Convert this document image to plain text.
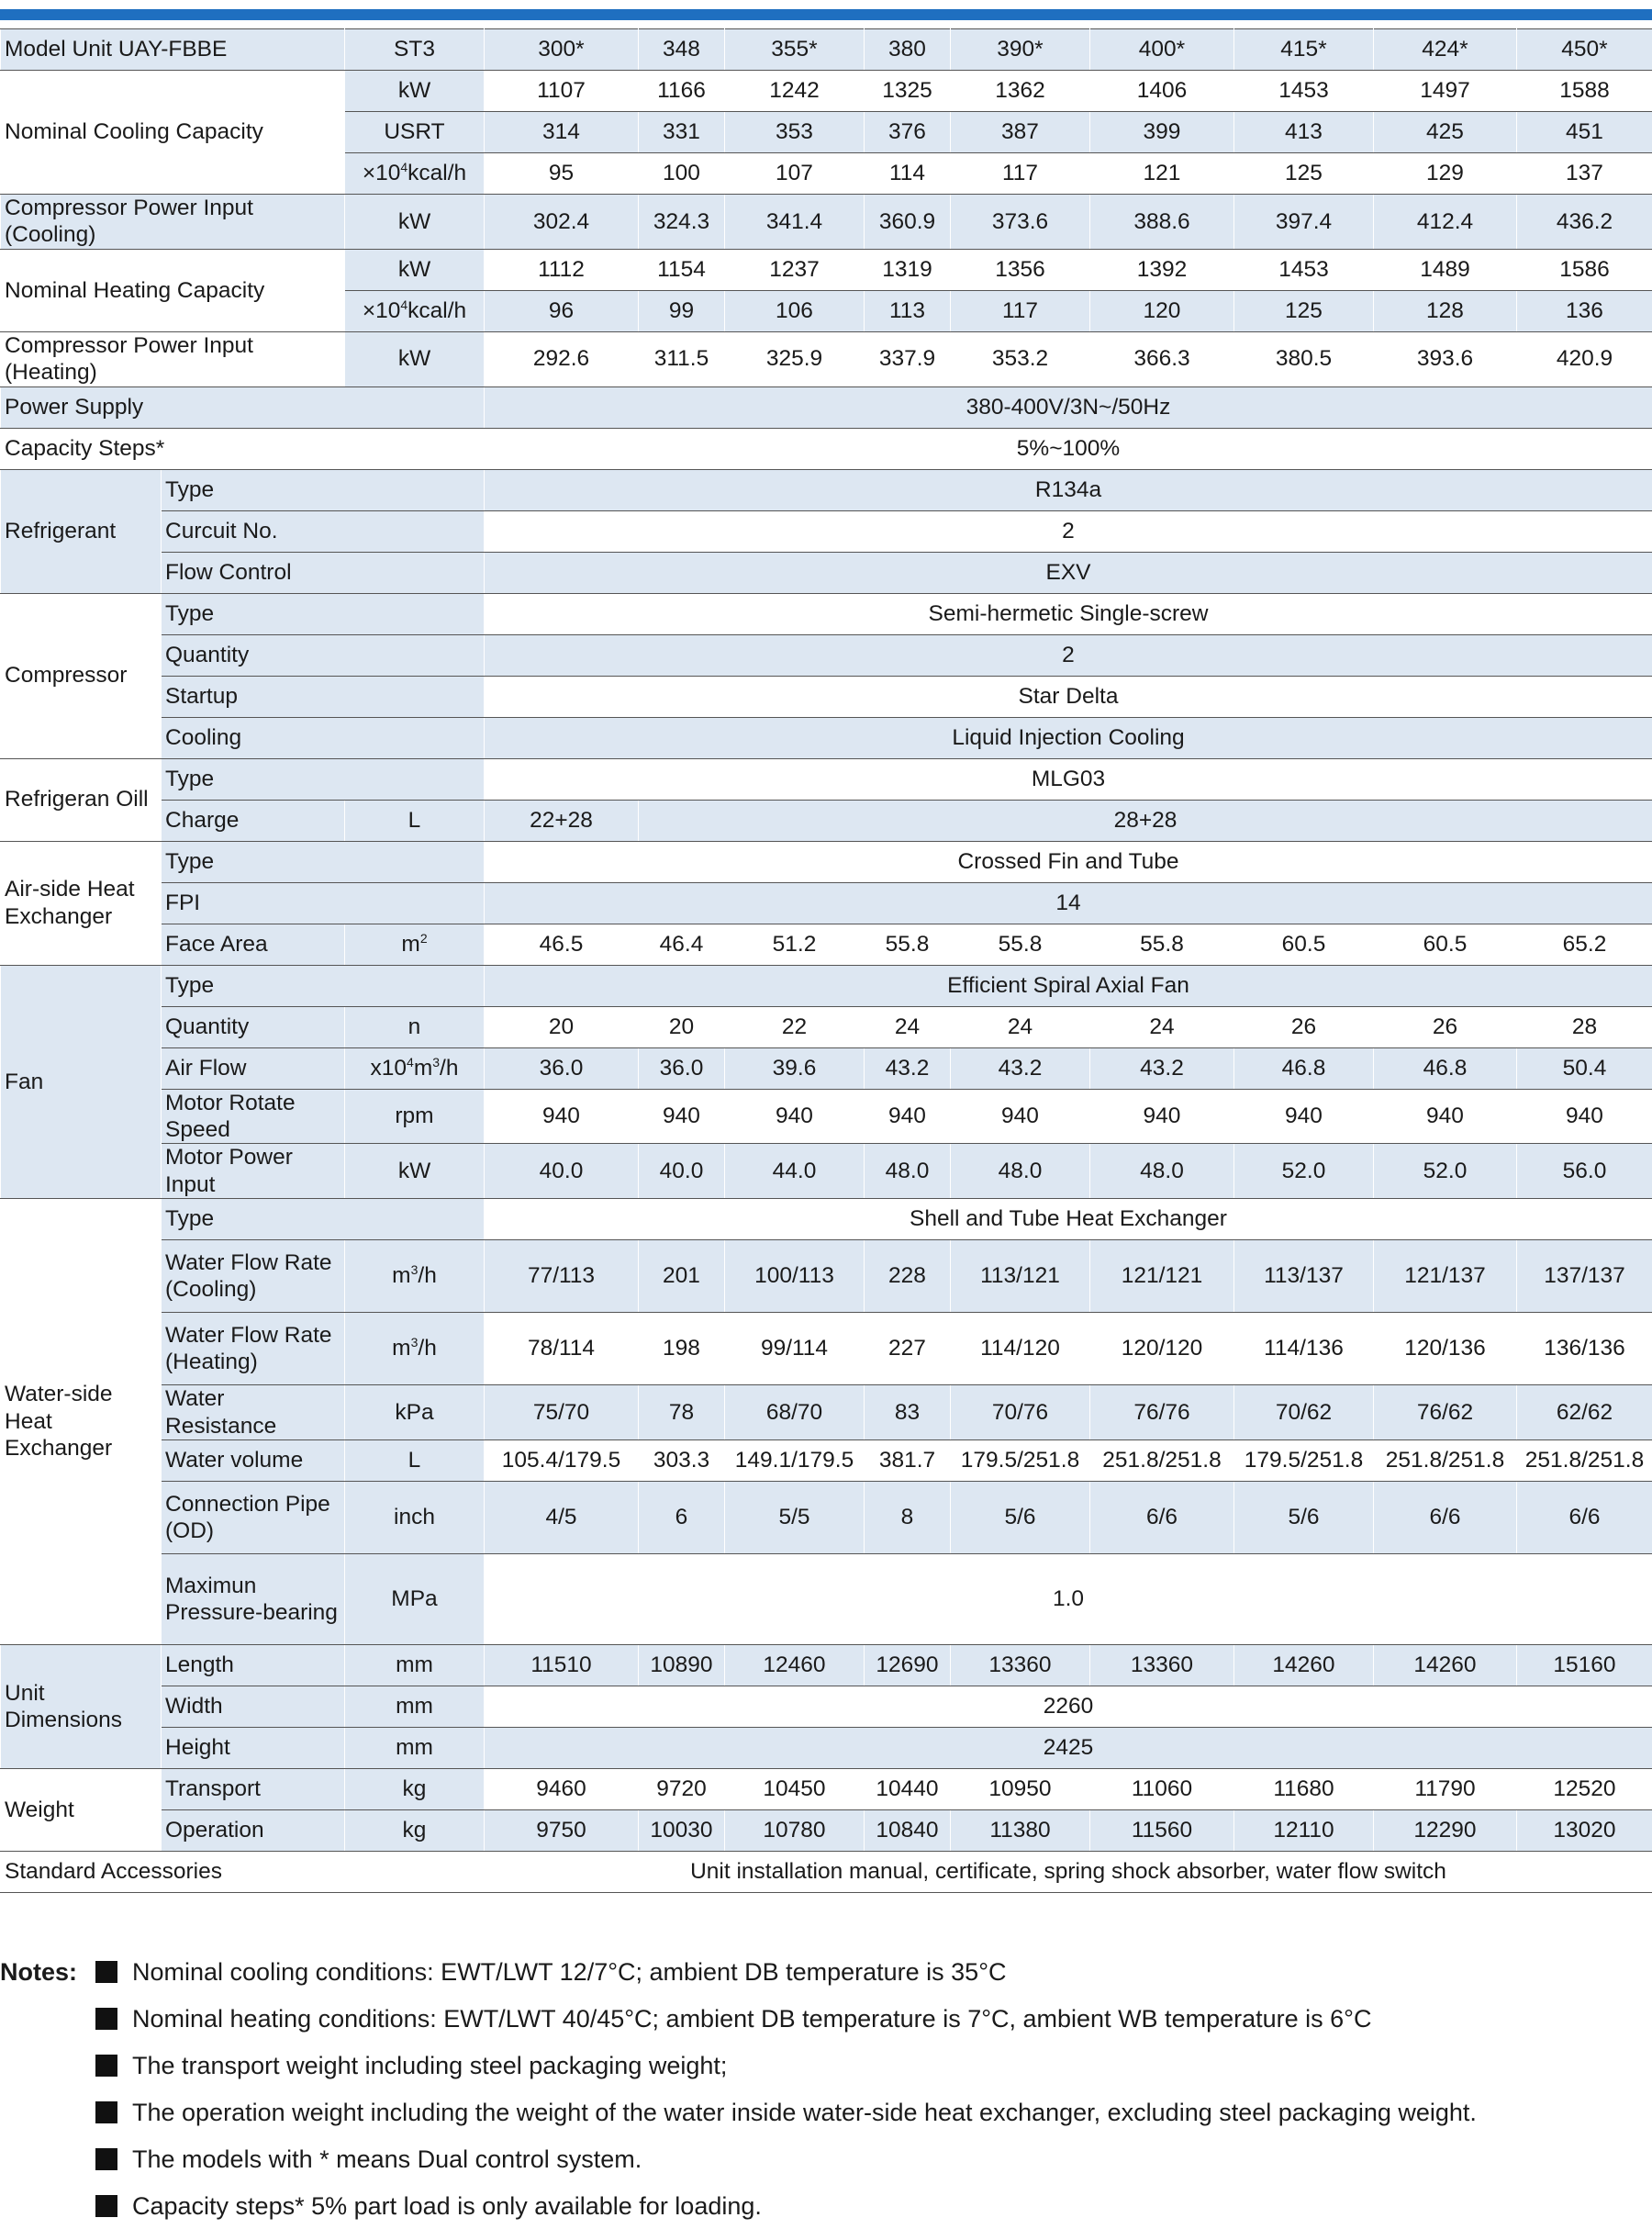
Model Unit UAY-FBBE		ST3	300*	348	355*	380	390*	400*	415*	424*	450*
Nominal Cooling Capacity		kW	1107	1166	1242	1325	1362	1406	1453	1497	1588
		USRT	314	331	353	376	387	399	413	425	451
		$\times 10^4kcal/h$	95	100	107	114	117	121	125	129	137
Compressor Power Input (Cooling)		kW	302.4	324.3	341.4	360.9	373.6	388.6	397.4	412.4	436.2
Nominal Heating Capacity		kW	1112	1154	1237	1319	1356	1392	1453	1489	1586
		$\times 10^4kcal/h$	96	99	106	113	117	120	125	128	136
Compressor Power Input (Heating)		kW	292.6	311.5	325.9	337.9	353.2	366.3	380.5	393.6	420.9
Power Supply			380-400V/3N~/50Hz								
Capacity Steps*			5%~100%								
Refrigerant	Type		R134a								
	Curcuit No.		2								
	Flow Control		EXV								
Compressor	Type		Semi-hermetic Single-screw								
	Quantity		2								
	Startup		Star Delta								
	Cooling		Liquid Injection Cooling								
Refrigeran Oill	Type		MLG03								
	Charge	L	22+28	28+28							
Air-side Heat Exchanger	Type		Crossed Fin and Tube								
	FPI		14								
	Face Area	$m^2$	46.5	46.4	51.2	55.8	55.8	55.8	60.5	60.5	65.2
Fan	Type		Efficient Spiral Axial Fan								
	Quantity	n	20	20	22	24	24	24	26	26	28
	Air Flow	$x10^4m^3/h$	36.0	36.0	39.6	43.2	43.2	43.2	46.8	46.8	50.4
	Motor Rotate Speed	rpm	940	940	940	940	940	940	940	940	940
	Motor Power Input	kW	40.0	40.0	44.0	48.0	48.0	48.0	52.0	52.0	56.0
Water-side Heat Exchanger	Type		Shell and Tube Heat Exchanger								
	Water Flow Rate (Cooling)	$m^3/h$	77/113	201	100/113	228	113/121	121/121	113/137	121/137	137/137
	Water Flow Rate (Heating)	$m^3/h$	78/114	198	99/114	227	114/120	120/120	114/136	120/136	136/136
	Water Resistance	kPa	75/70	78	68/70	83	70/76	76/76	70/62	76/62	62/62
	Water volume	L	105.4/179.5	303.3	149.1/179.5	381.7	179.5/251.8	251.8/251.8	179.5/251.8	251.8/251.8	251.8/251.8
	Connection Pipe (OD)	inch	4/5	6	5/5	8	5/6	6/6	5/6	6/6	6/6
	Maximun Pressure-bearing	MPa	1.0								
Unit Dimensions	Length	mm	11510	10890	12460	12690	13360	13360	14260	14260	15160
	Width	mm	2260								
	Height	mm	2425								
Weight	Transport	kg	9460	9720	10450	10440	10950	11060	11680	11790	12520
	Operation	kg	9750	10030	10780	10840	11380	11560	12110	12290	13020
Standard Accessories			Unit installation manual, certificate, spring shock absorber, water flow switch								
Notes: Nominal cooling conditions: EWT/LWT 12/7°C; ambient DB temperature is 35°C
Nominal heating conditions: EWT/LWT 40/45°C; ambient DB temperature is 7°C, ambient WB temperature is 6°C
The transport weight including steel packaging weight;
The operation weight including the weight of the water inside water-side heat exchanger, excluding steel packaging weight.
The models with * means Dual control system.
Capacity steps* 5% part load is only available for loading.
